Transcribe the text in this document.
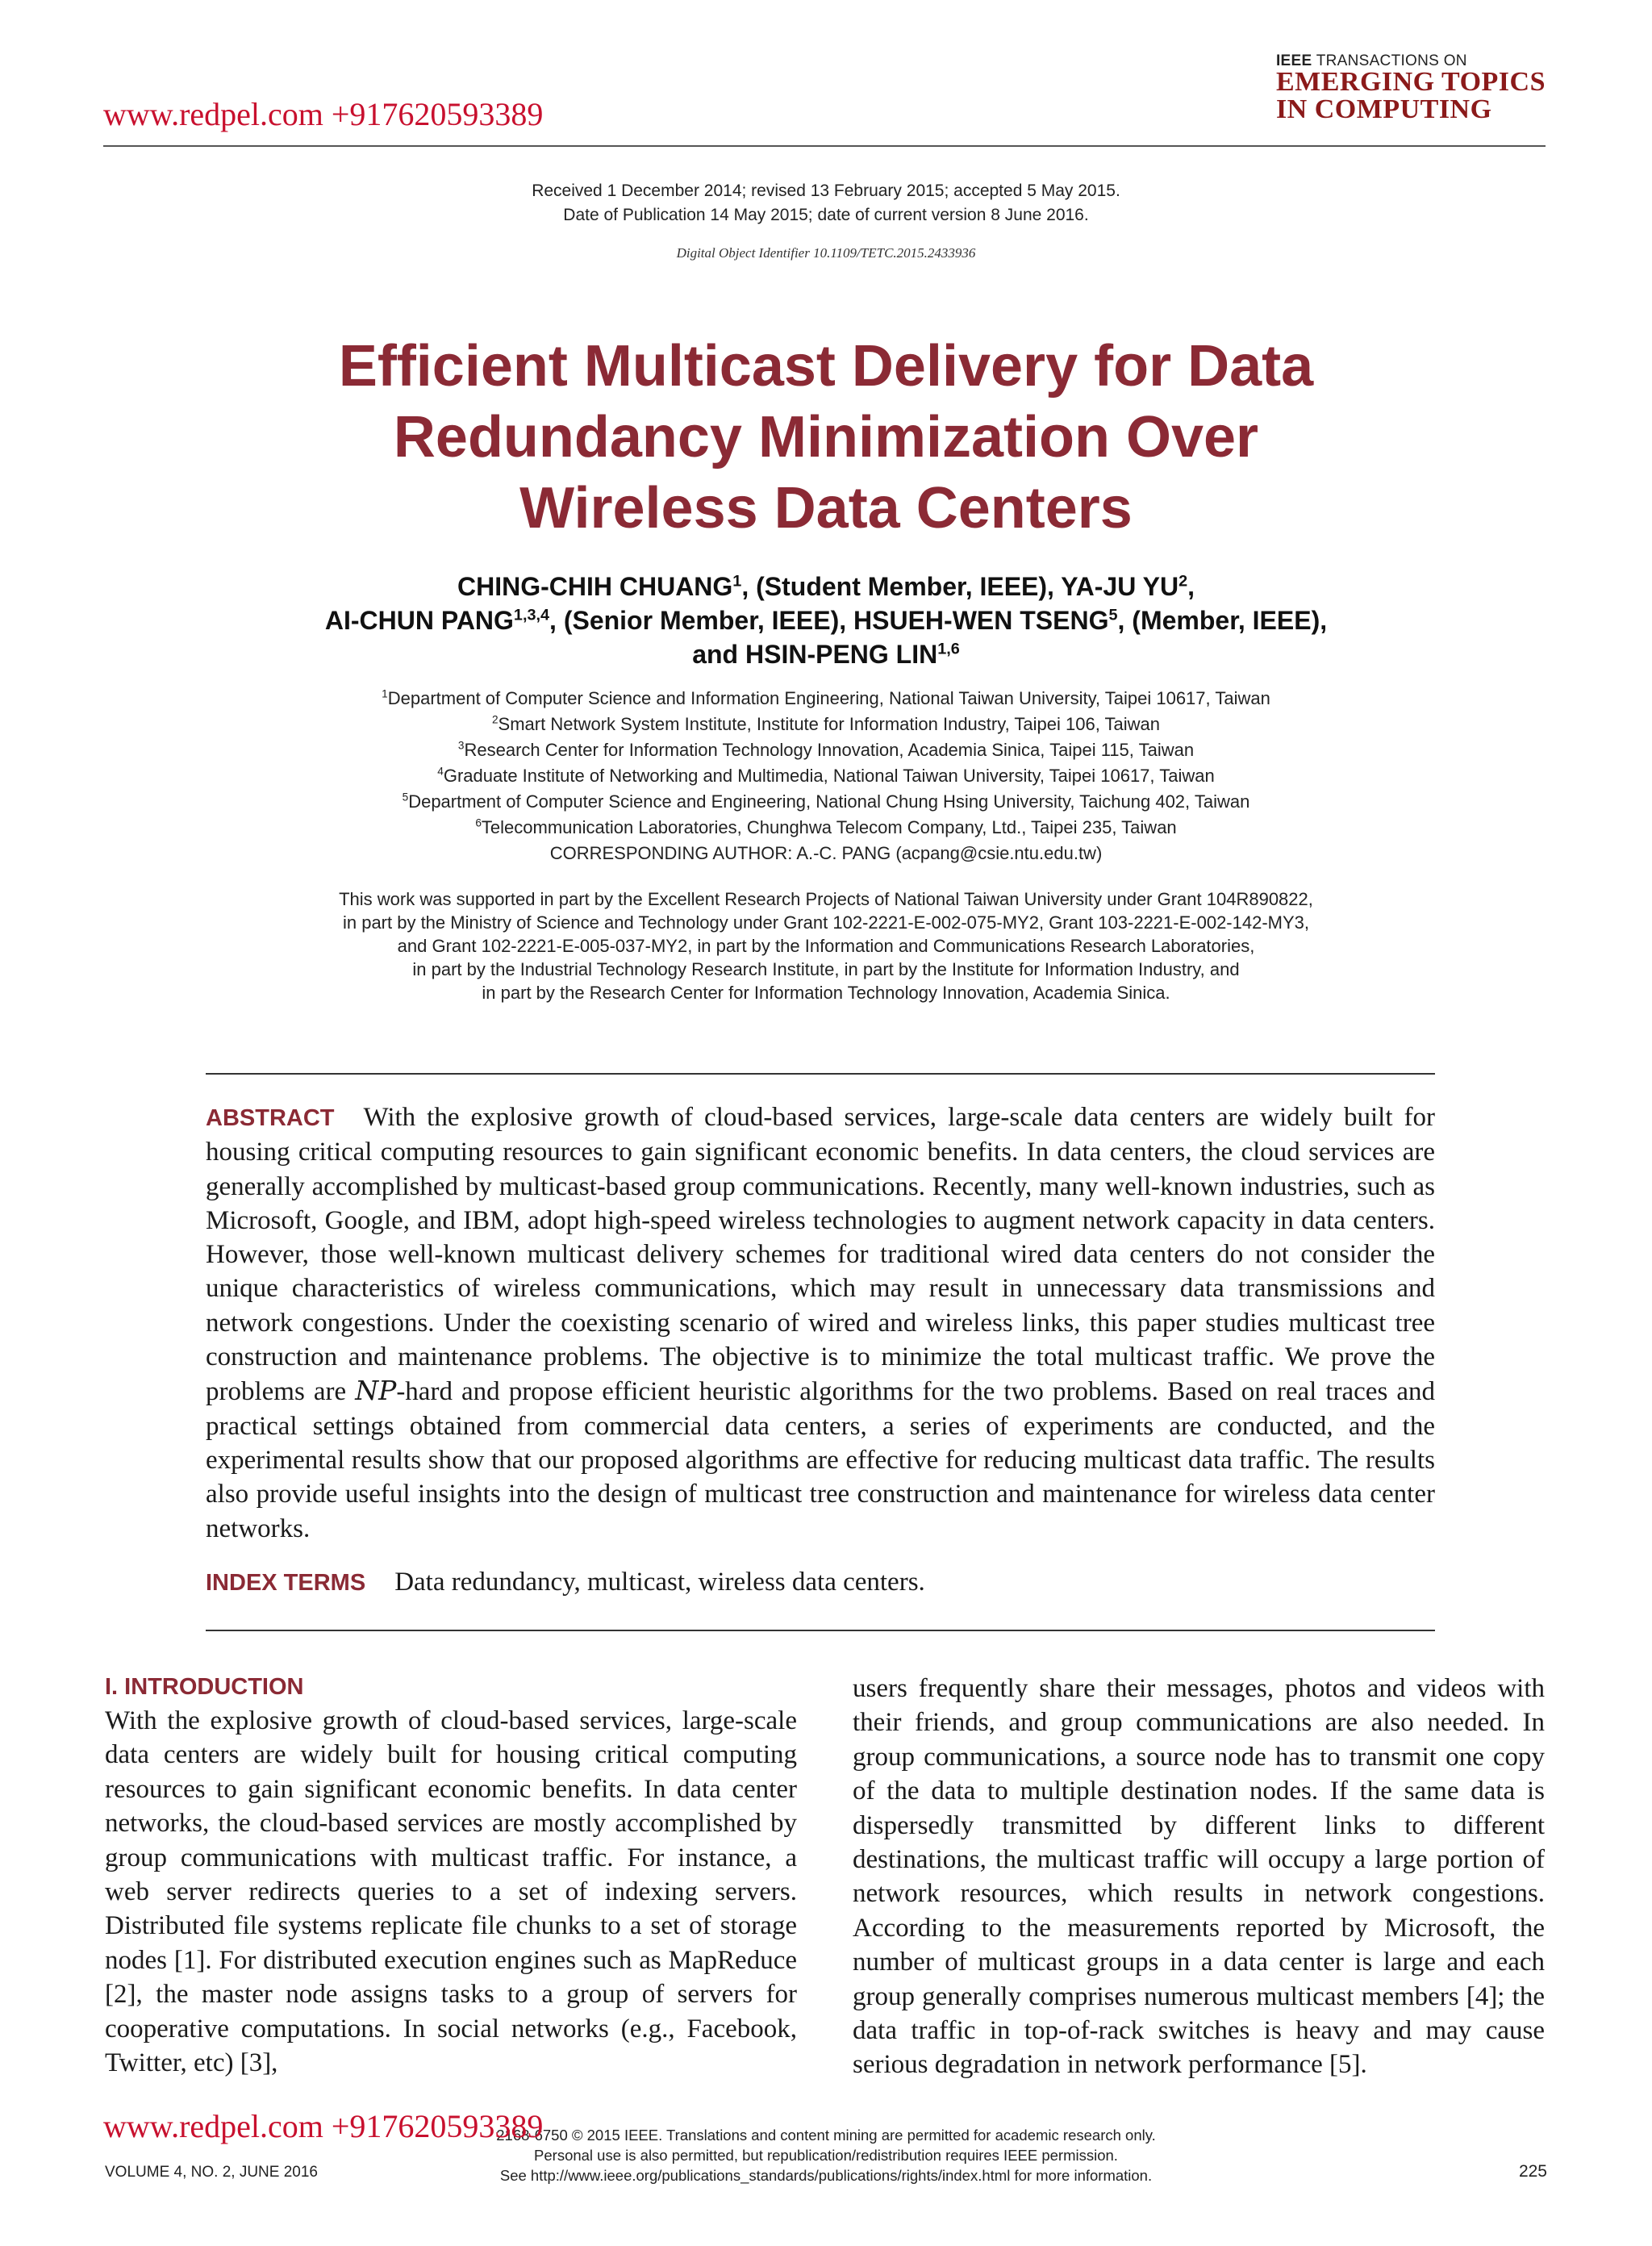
www.redpel.com +917620593389
IEEE TRANSACTIONS ON
EMERGING TOPICS
IN COMPUTING
Received 1 December 2014; revised 13 February 2015; accepted 5 May 2015.
Date of Publication 14 May 2015; date of current version 8 June 2016.
Digital Object Identifier 10.1109/TETC.2015.2433936
Efficient Multicast Delivery for Data
Redundancy Minimization Over
Wireless Data Centers
CHING-CHIH CHUANG$^1$, (Student Member, IEEE), YA-JU $YU^2$,
AI-CHUN PANG$^{1,3,4}$, (Senior Member, IEEE), HSUEH-WEN TSENG$^5$, (Member, IEEE),
and HSIN-PENG LIN$^{1,6}$
$^1$Department of Computer Science and Information Engineering, National Taiwan University, Taipei 10617, Taiwan
$^2$Smart Network System Institute, Institute for Information Industry, Taipei 106, Taiwan
$^3$Research Center for Information Technology Innovation, Academia Sinica, Taipei 115, Taiwan
$^4$Graduate Institute of Networking and Multimedia, National Taiwan University, Taipei 10617, Taiwan
$^5$Department of Computer Science and Engineering, National Chung Hsing University, Taichung 402, Taiwan
$^6$Telecommunication Laboratories, Chunghwa Telecom Company, Ltd., Taipei 235, Taiwan
CORRESPONDING AUTHOR: A.-C. PANG (acpang@csie.ntu.edu.tw)
This work was supported in part by the Excellent Research Projects of National Taiwan University under Grant 104R890822,
in part by the Ministry of Science and Technology under Grant 102-2221-E-002-075-MY2, Grant 103-2221-E-002-142-MY3,
and Grant 102-2221-E-005-037-MY2, in part by the Information and Communications Research Laboratories,
in part by the Industrial Technology Research Institute, in part by the Institute for Information Industry, and
in part by the Research Center for Information Technology Innovation, Academia Sinica.
ABSTRACT With the explosive growth of cloud-based services, large-scale data centers are widely built for housing critical computing resources to gain significant economic benefits. In data centers, the cloud services are generally accomplished by multicast-based group communications. Recently, many well-known industries, such as Microsoft, Google, and IBM, adopt high-speed wireless technologies to augment network capacity in data centers. However, those well-known multicast delivery schemes for traditional wired data centers do not consider the unique characteristics of wireless communications, which may result in unnecessary data transmissions and network congestions. Under the coexisting scenario of wired and wireless links, this paper studies multicast tree construction and maintenance problems. The objective is to minimize the total multicast traffic. We prove the problems are NP-hard and propose efficient heuristic algorithms for the two problems. Based on real traces and practical settings obtained from commercial data centers, a series of experiments are conducted, and the experimental results show that our proposed algorithms are effective for reducing multicast data traffic. The results also provide useful insights into the design of multicast tree construction and maintenance for wireless data center networks.
INDEX TERMS Data redundancy, multicast, wireless data centers.
I. INTRODUCTION
With the explosive growth of cloud-based services, large-scale data centers are widely built for housing critical computing resources to gain significant economic benefits. In data center networks, the cloud-based services are mostly accomplished by group communications with multicast traffic. For instance, a web server redirects queries to a set of indexing servers. Distributed file systems replicate file chunks to a set of storage nodes [1]. For distributed execution engines such as MapReduce [2], the master node assigns tasks to a group of servers for cooperative computations. In social networks (e.g., Facebook, Twitter, etc) [3],
users frequently share their messages, photos and videos with their friends, and group communications are also needed. In group communications, a source node has to transmit one copy of the data to multiple destination nodes. If the same data is dispersedly transmitted by different links to different destinations, the multicast traffic will occupy a large portion of network resources, which results in network congestions. According to the measurements reported by Microsoft, the number of multicast groups in a data center is large and each group generally comprises numerous multicast members [4]; the data traffic in top-of-rack switches is heavy and may cause serious degradation in network performance [5].
2168-6750 © 2015 IEEE. Translations and content mining are permitted for academic research only.
Personal use is also permitted, but republication/redistribution requires IEEE permission.
See http://www.ieee.org/publications_standards/publications/rights/index.html for more information.
www.redpel.com +917620593389
VOLUME 4, NO. 2, JUNE 2016	225
